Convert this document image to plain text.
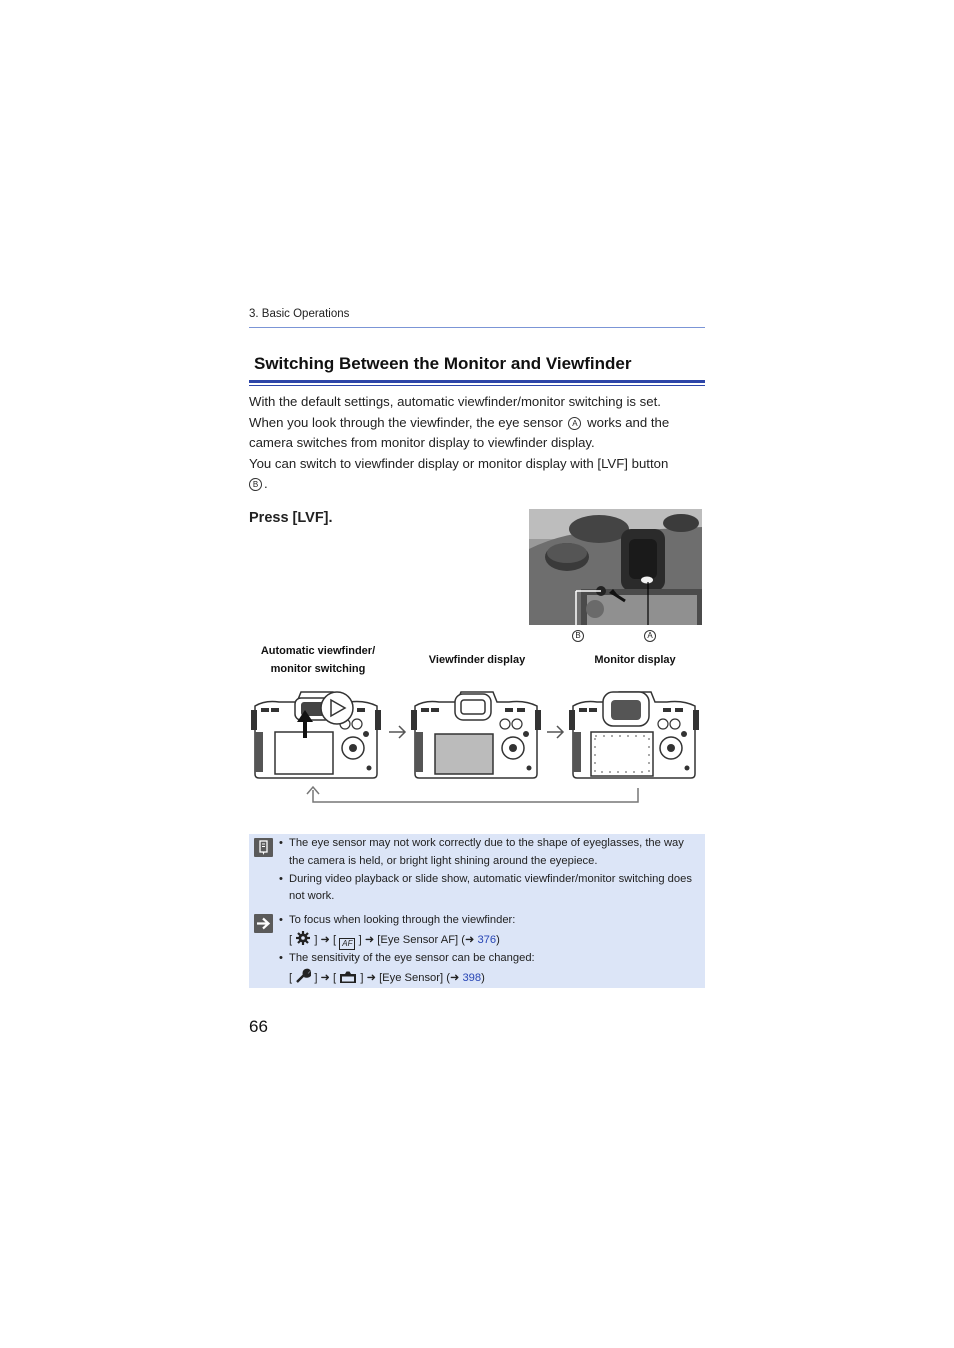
3. Basic Operations
Switching Between the Monitor and Viewfinder

With the default settings, automatic viewfinder/monitor switching is set.

When you look through the viewfinder, the eye sensor A works and the

camera switches from monitor display to viewfinder display.

You can switch to viewfinder display or monitor display with [LVF] button

B .

Press [LVF].
B	A
Automatic viewfinder/
monitor switching
Viewfinder display	Monitor display
• The eye sensor may not work correctly due to the shape of eyeglasses, the way the camera is held, or bright light shining around the eyepiece.
• During video playback or slide show, automatic viewfinder/monitor switching does not work.
• To focus when looking through the viewfinder:
[  ] ➜ [ AF ] ➜ [Eye Sensor AF] (➜ 376)
• The sensitivity of the eye sensor can be changed:
[  ] ➜ [  ] ➜ [Eye Sensor] (➜ 398)
66
